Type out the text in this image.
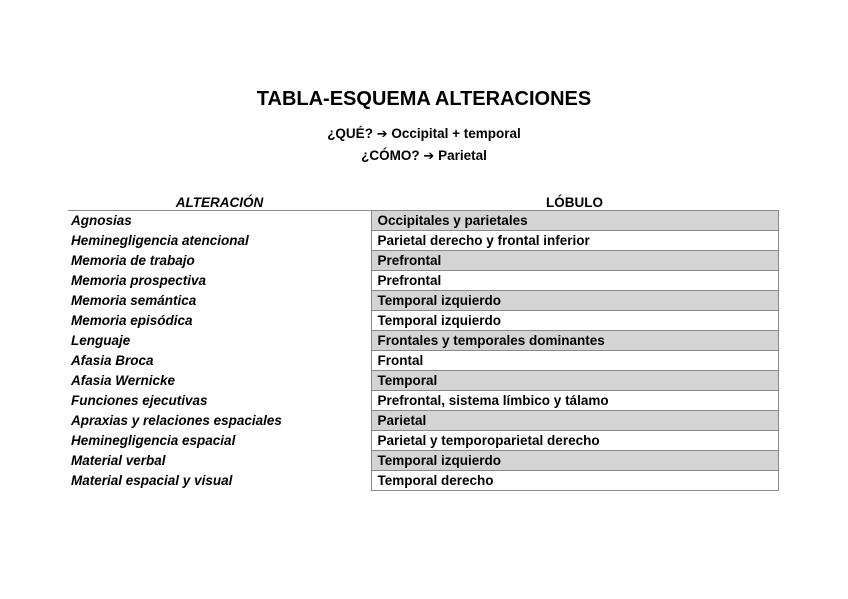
TABLA-ESQUEMA ALTERACIONES
¿QUÉ? ➔ Occipital + temporal
¿CÓMO? ➔ Parietal
ALTERACIÓN	LÓBULO
Agnosias	Occipitales y parietales
Heminegligencia atencional	Parietal derecho y frontal inferior
Memoria de trabajo	Prefrontal
Memoria prospectiva	Prefrontal
Memoria semántica	Temporal izquierdo
Memoria episódica	Temporal izquierdo
Lenguaje	Frontales y temporales dominantes
Afasia Broca	Frontal
Afasia Wernicke	Temporal
Funciones ejecutivas	Prefrontal, sistema límbico y tálamo
Apraxias y relaciones espaciales	Parietal
Heminegligencia espacial	Parietal y temporoparietal derecho
Material verbal	Temporal izquierdo
Material espacial y visual	Temporal derecho
